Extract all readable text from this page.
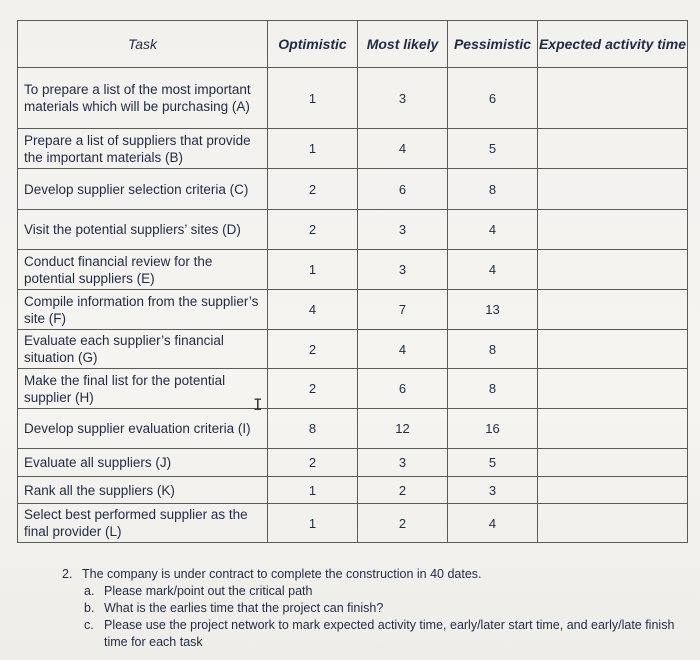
Task	Optimistic	Most likely	Pessimistic	Expected activity time
To prepare a list of the most important materials which will be purchasing (A)	1	3	6	
Prepare a list of suppliers that provide the important materials (B)	1	4	5	
Develop supplier selection criteria (C)	2	6	8	
Visit the potential suppliers’ sites (D)	2	3	4	
Conduct financial review for the potential suppliers (E)	1	3	4	
Compile information from the supplier’s site (F)	4	7	13	
Evaluate each supplier’s financial situation (G)	2	4	8	
Make the final list for the potential supplier (H)	2	6	8	
Develop supplier evaluation criteria (I)	8	12	16	
Evaluate all suppliers (J)	2	3	5	
Rank all the suppliers (K)	1	2	3	
Select best performed supplier as the final provider (L)	1	2	4	
I
2. The company is under contract to complete the construction in 40 dates.
a. Please mark/point out the critical path
b. What is the earlies time that the project can finish?
c. Please use the project network to mark expected activity time, early/later start time, and early/late finish time for each task
